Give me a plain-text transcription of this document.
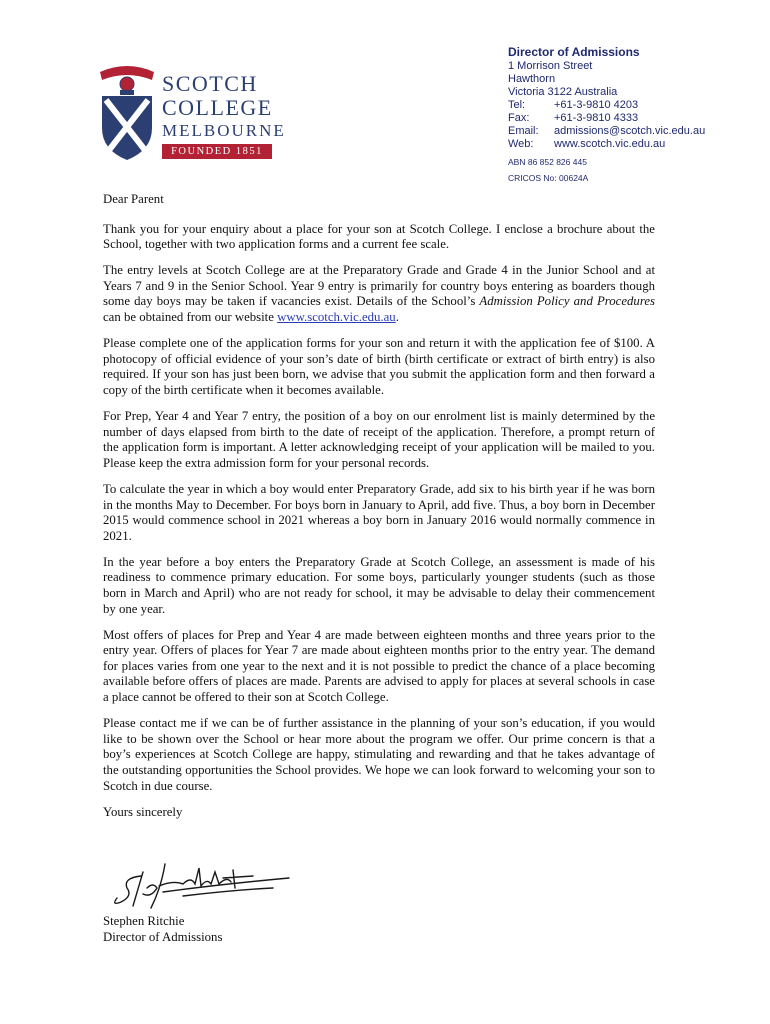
SCOTCH
COLLEGE
MELBOURNE
FOUNDED 1851
Director of Admissions
1 Morrison Street
Hawthorn
Victoria 3122 Australia
Tel:	+61-3-9810 4203
Fax:	+61-3-9810 4333
Email:	admissions@scotch.vic.edu.au
Web:	www.scotch.vic.edu.au
ABN 86 852 826 445
CRICOS No: 00624A

Dear Parent

Thank you for your enquiry about a place for your son at Scotch College. I enclose a brochure about the School, together with two application forms and a current fee scale.

The entry levels at Scotch College are at the Preparatory Grade and Grade 4 in the Junior School and at Years 7 and 9 in the Senior School. Year 9 entry is primarily for country boys entering as boarders though some day boys may be taken if vacancies exist. Details of the School’s Admission Policy and Procedures can be obtained from our website www.scotch.vic.edu.au.

Please complete one of the application forms for your son and return it with the application fee of $100. A photocopy of official evidence of your son’s date of birth (birth certificate or extract of birth entry) is also required. If your son has just been born, we advise that you submit the application form and then forward a copy of the birth certificate when it becomes available.

For Prep, Year 4 and Year 7 entry, the position of a boy on our enrolment list is mainly determined by the number of days elapsed from birth to the date of receipt of the application. Therefore, a prompt return of the application form is important. A letter acknowledging receipt of your application will be mailed to you. Please keep the extra admission form for your personal records.

To calculate the year in which a boy would enter Preparatory Grade, add six to his birth year if he was born in the months May to December. For boys born in January to April, add five. Thus, a boy born in December 2015 would commence school in 2021 whereas a boy born in January 2016 would normally commence in 2021.

In the year before a boy enters the Preparatory Grade at Scotch College, an assessment is made of his readiness to commence primary education. For some boys, particularly younger students (such as those born in March and April) who are not ready for school, it may be advisable to delay their commencement by one year.

Most offers of places for Prep and Year 4 are made between eighteen months and three years prior to the entry year. Offers of places for Year 7 are made about eighteen months prior to the entry year. The demand for places varies from one year to the next and it is not possible to predict the chance of a place becoming available before offers of places are made. Parents are advised to apply for places at several schools in case a place cannot be offered to their son at Scotch College.

Please contact me if we can be of further assistance in the planning of your son’s education, if you would like to be shown over the School or hear more about the program we offer. Our prime concern is that a boy’s experiences at Scotch College are happy, stimulating and rewarding and that he takes advantage of the outstanding opportunities the School provides. We hope we can look forward to welcoming your son to Scotch in due course.

Yours sincerely

Stephen Ritchie
Director of Admissions
